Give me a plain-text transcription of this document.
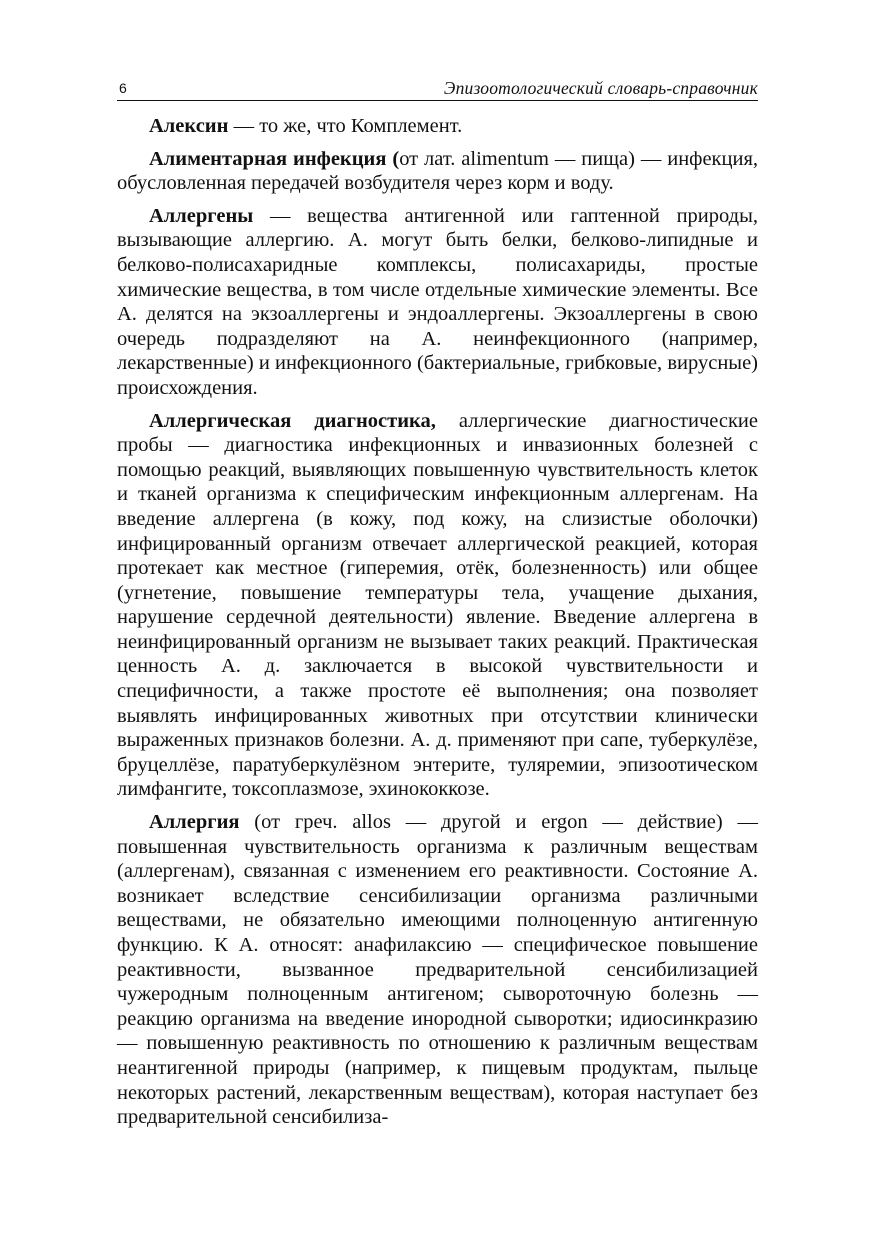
6	Эпизоотологический словарь-справочник

Алексин — то же, что Комплемент.

Алиментарная инфекция (от лат. alimentum — пища) — инфекция, обусловленная передачей возбудителя через корм и воду.

Аллергены — вещества антигенной или гаптенной природы, вызывающие аллергию. А. могут быть белки, белково-липидные и белково-полисахаридные комплексы, полисахариды, простые химические вещества, в том числе отдельные химические элементы. Все А. делятся на экзоаллергены и эндоаллергены. Экзоаллергены в свою очередь подразделяют на А. неинфекционного (например, лекарственные) и инфекционного (бактериальные, грибковые, вирусные) происхождения.

Аллергическая диагностика, аллергические диагностические пробы — диагностика инфекционных и инвазионных болезней с помощью реакций, выявляющих повышенную чувствительность клеток и тканей организма к специфическим инфекционным аллергенам. На введение аллергена (в кожу, под кожу, на слизистые оболочки) инфицированный организм отвечает аллергической реакцией, которая протекает как местное (гиперемия, отёк, болезненность) или общее (угнетение, повышение температуры тела, учащение дыхания, нарушение сердечной деятельности) явление. Введение аллергена в неинфицированный организм не вызывает таких реакций. Практическая ценность А. д. заключается в высокой чувствительности и специфичности, а также простоте её выполнения; она позволяет выявлять инфицированных животных при отсутствии клинически выраженных признаков болезни. А. д. применяют при сапе, туберкулёзе, бруцеллёзе, паратуберкулёзном энтерите, туляремии, эпизоотическом лимфангите, токсоплазмозе, эхинококкозе.

Аллергия (от греч. allos — другой и ergon — действие) — повышенная чувствительность организма к различным веществам (аллергенам), связанная с изменением его реактивности. Состояние А. возникает вследствие сенсибилизации организма различными веществами, не обязательно имеющими полноценную антигенную функцию. К А. относят: анафилаксию — специфическое повышение реактивности, вызванное предварительной сенсибилизацией чужеродным полноценным антигеном; сывороточную болезнь — реакцию организма на введение инородной сыворотки; идиосинкразию — повышенную реактивность по отношению к различным веществам неантигенной природы (например, к пищевым продуктам, пыльце некоторых растений, лекарственным веществам), которая наступает без предварительной сенсибилиза-
